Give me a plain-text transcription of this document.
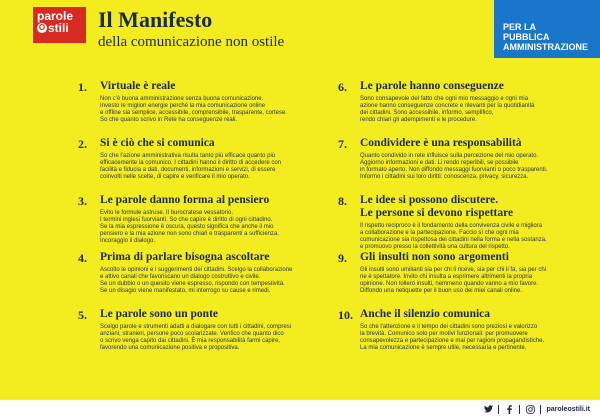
parole
O stili Il Manifesto
della comunicazione non ostile
PER LA
PUBBLICA
AMMINISTRAZIONE
1. Virtuale è reale
Non c'è buona amministrazione senza buona comunicazione.
Investo le migliori energie perché la mia comunicazione online
e offline sia semplice, accessibile, comprensibile, trasparente, cortese.
So che quanto scrivo in Rete ha conseguenze reali.
2. Si è ciò che si comunica
So che l'azione amministrativa risulta tanto più efficace quanto più
efficacemente la comunico. I cittadini hanno il diritto di accedere con
facilità e fiducia a dati, documenti, informazioni e servizi, di essere
coinvolti nelle scelte, di capire e verificare il mio operato.
3. Le parole danno forma al pensiero
Evito le formule astruse. Il burocratese vessatorio.
I termini inglesi fuorvianti. So che capire è diritto di ogni cittadino.
Se la mia espressione è oscura, questo significa che anche il mio
pensiero e la mia azione non sono chiari e trasparenti a sufficienza.
Incoraggio il dialogo.
4. Prima di parlare bisogna ascoltare
Ascolto le opinioni e i suggerimenti dei cittadini. Scelgo la collaborazione
e attivo canali che favoriscano un dialogo costruttivo e civile.
Se un dubbio o un quesito viene espresso, rispondo con tempestività.
Se un disagio viene manifestato, mi interrogo su cause e rimedi.
5. Le parole sono un ponte
Scelgo parole e strumenti adatti a dialogare con tutti i cittadini, compresi
anziani, stranieri, persone poco scolarizzate. Verifico che quanto dico
o scrivo venga capito dai cittadini. È mia responsabilità farmi capire,
favorendo una comunicazione positiva e propositiva.
6. Le parole hanno conseguenze
Sono consapevole del fatto che ogni mio messaggio e ogni mia
azione hanno conseguenze concrete e rilevanti per la quotidianità
dei cittadini. Sono accessibile, informo, semplifico,
rendo chiari gli adempimenti e le procedure.
7. Condividere è una responsabilità
Quanto condivido in rete influisce sulla percezione del mio operato.
Aggiorno informazioni e dati. Li rendo reperibili, se possibile
in formato aperto. Non diffondo messaggi fuorvianti o poco trasparenti.
Informo i cittadini sui loro diritti: conoscenza, privacy, sicurezza.
8. Le idee si possono discutere.
Le persone si devono rispettare
Il rispetto reciproco è il fondamento della convivenza civile e migliora
a collaborazione e la partecipazione. Faccio sì che ogni mia
comunicazione sia rispettosa dei cittadini nella forma e nella sostanza,
e promuovo presso la collettività una cultura del rispetto.
9. Gli insulti non sono argomenti
Gli insulti sono umilianti sia per chi li riceve, sia per chi li fa, sia per chi
ne è spettatore. Invito chi insulta a esprimere altrimenti la propria
opinione. Non tollero insulti, nemmeno quando vanno a mio favore.
Diffondo una netiquette per il buon uso dei miei canali online.
10. Anche il silenzio comunica
So che l'attenzione e il tempo dei cittadini sono preziosi e valorizzo
la brevità. Comunico solo per motivi funzionali: per promuovere
consapevolezza e partecipazione e mai per ragioni propagandistiche.
La mia comunicazione è sempre utile, necessaria e pertinente.
paroleostili.it
